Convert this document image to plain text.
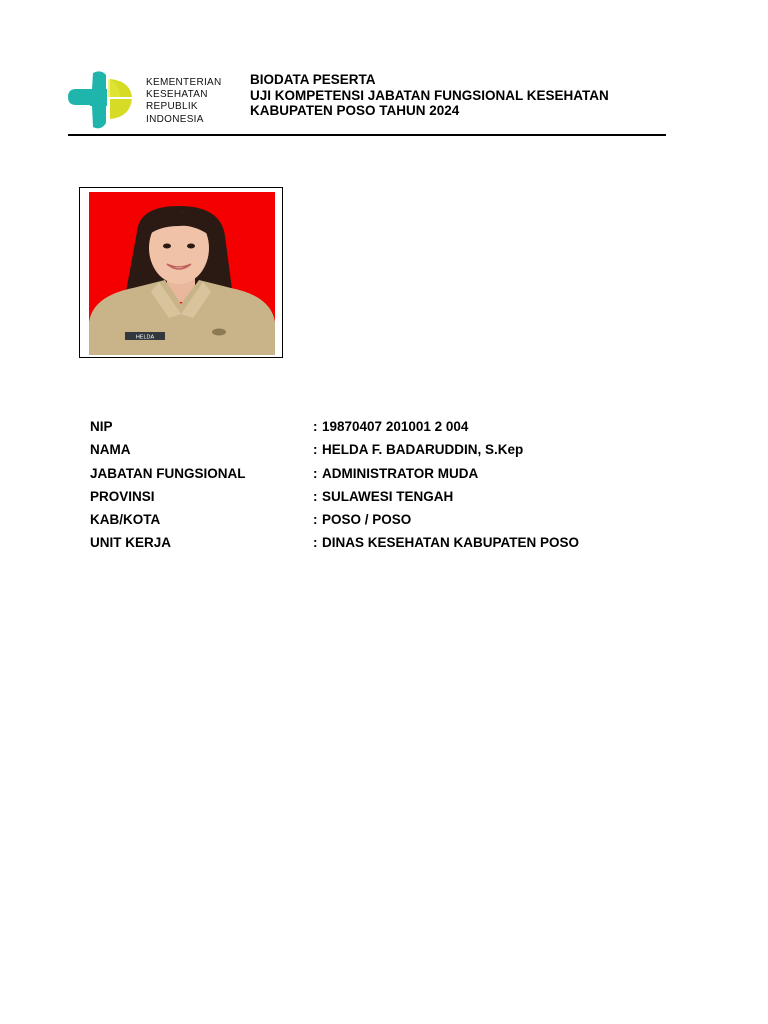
KEMENTERIAN
KESEHATAN
REPUBLIK
INDONESIA
BIODATA PESERTA
UJI KOMPETENSI JABATAN FUNGSIONAL KESEHATAN
KABUPATEN POSO TAHUN 2024
HELDA
NIP	: 19870407 201001 2 004
NAMA	: HELDA F. BADARUDDIN, S.Kep
JABATAN FUNGSIONAL	: ADMINISTRATOR MUDA
PROVINSI	: SULAWESI TENGAH
KAB/KOTA	: POSO / POSO
UNIT KERJA	: DINAS KESEHATAN KABUPATEN POSO
